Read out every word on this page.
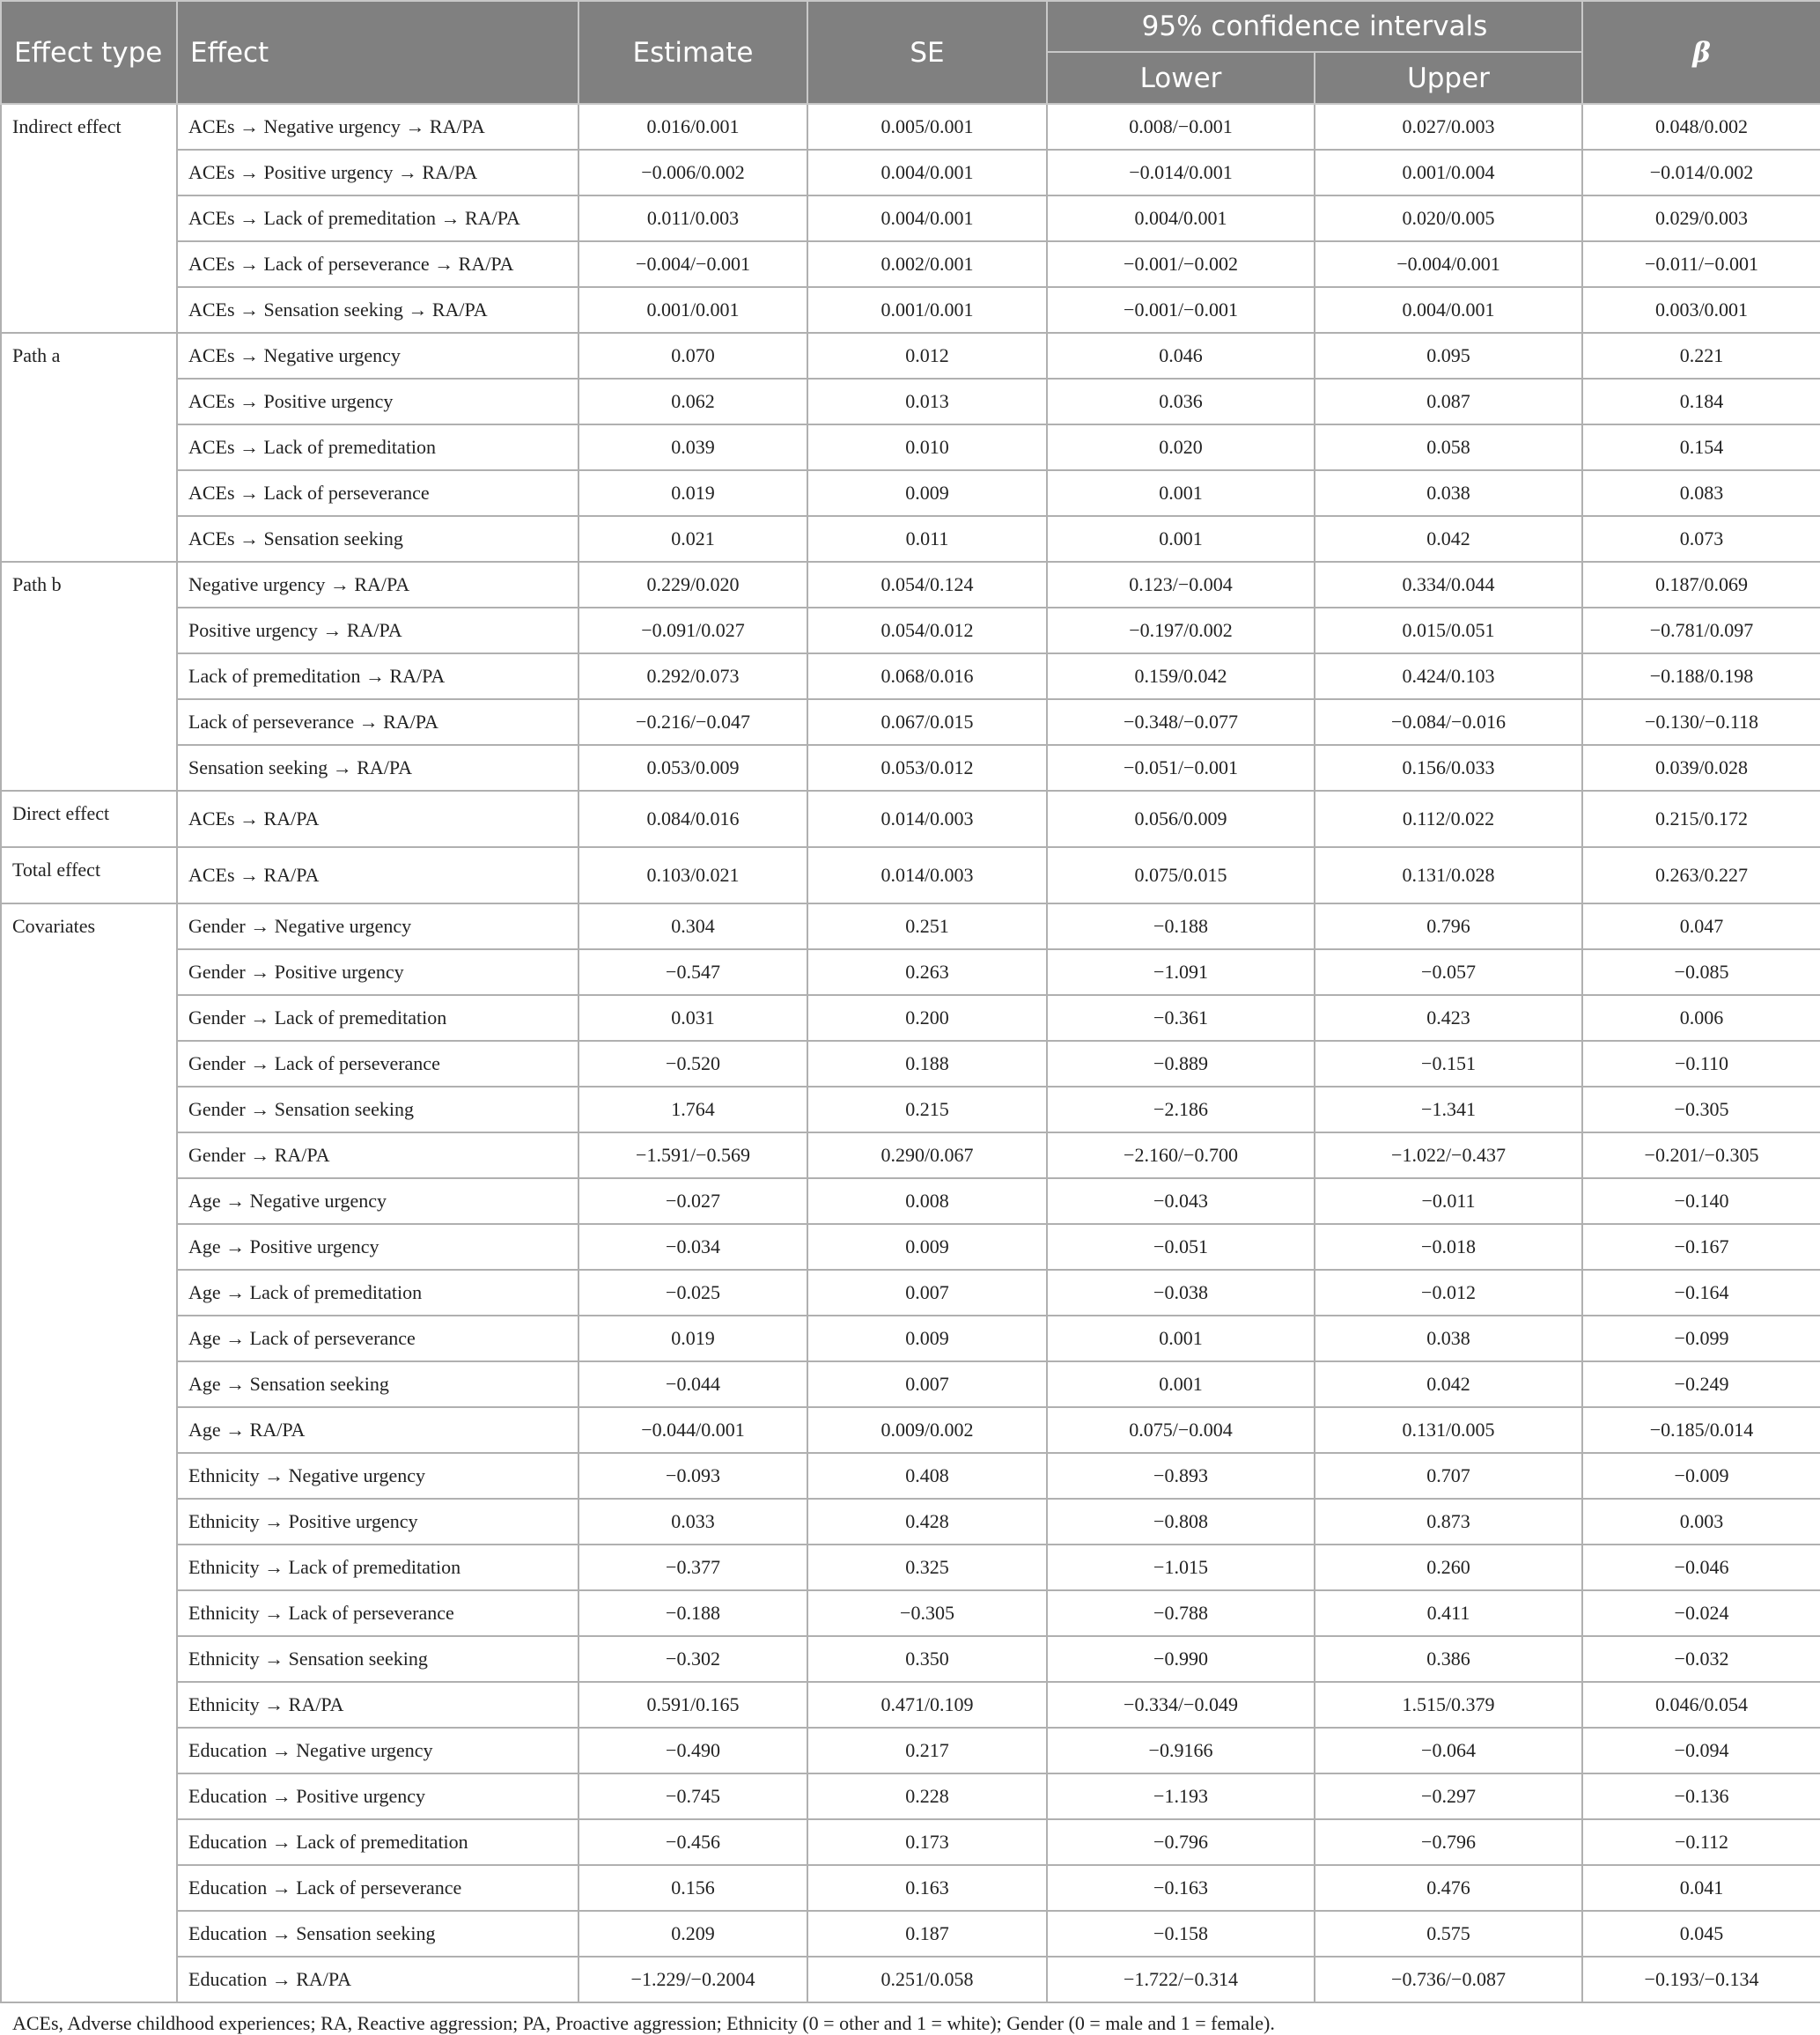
Effect type	Effect	Estimate	SE	95% confidence intervals		β
				Lower	Upper	
Indirect effect	ACEs → Negative urgency → RA/PA	0.016/0.001	0.005/0.001	0.008/−0.001	0.027/0.003	0.048/0.002
	ACEs → Positive urgency → RA/PA	−0.006/0.002	0.004/0.001	−0.014/0.001	0.001/0.004	−0.014/0.002
	ACEs → Lack of premeditation → RA/PA	0.011/0.003	0.004/0.001	0.004/0.001	0.020/0.005	0.029/0.003
	ACEs → Lack of perseverance → RA/PA	−0.004/−0.001	0.002/0.001	−0.001/−0.002	−0.004/0.001	−0.011/−0.001
	ACEs → Sensation seeking → RA/PA	0.001/0.001	0.001/0.001	−0.001/−0.001	0.004/0.001	0.003/0.001
Path a	ACEs → Negative urgency	0.070	0.012	0.046	0.095	0.221
	ACEs → Positive urgency	0.062	0.013	0.036	0.087	0.184
	ACEs → Lack of premeditation	0.039	0.010	0.020	0.058	0.154
	ACEs → Lack of perseverance	0.019	0.009	0.001	0.038	0.083
	ACEs → Sensation seeking	0.021	0.011	0.001	0.042	0.073
Path b	Negative urgency → RA/PA	0.229/0.020	0.054/0.124	0.123/−0.004	0.334/0.044	0.187/0.069
	Positive urgency → RA/PA	−0.091/0.027	0.054/0.012	−0.197/0.002	0.015/0.051	−0.781/0.097
	Lack of premeditation → RA/PA	0.292/0.073	0.068/0.016	0.159/0.042	0.424/0.103	−0.188/0.198
	Lack of perseverance → RA/PA	−0.216/−0.047	0.067/0.015	−0.348/−0.077	−0.084/−0.016	−0.130/−0.118
	Sensation seeking → RA/PA	0.053/0.009	0.053/0.012	−0.051/−0.001	0.156/0.033	0.039/0.028
Direct effect	ACEs → RA/PA	0.084/0.016	0.014/0.003	0.056/0.009	0.112/0.022	0.215/0.172
Total effect	ACEs → RA/PA	0.103/0.021	0.014/0.003	0.075/0.015	0.131/0.028	0.263/0.227
Covariates	Gender → Negative urgency	0.304	0.251	−0.188	0.796	0.047
	Gender → Positive urgency	−0.547	0.263	−1.091	−0.057	−0.085
	Gender → Lack of premeditation	0.031	0.200	−0.361	0.423	0.006
	Gender → Lack of perseverance	−0.520	0.188	−0.889	−0.151	−0.110
	Gender → Sensation seeking	1.764	0.215	−2.186	−1.341	−0.305
	Gender → RA/PA	−1.591/−0.569	0.290/0.067	−2.160/−0.700	−1.022/−0.437	−0.201/−0.305
	Age → Negative urgency	−0.027	0.008	−0.043	−0.011	−0.140
	Age → Positive urgency	−0.034	0.009	−0.051	−0.018	−0.167
	Age → Lack of premeditation	−0.025	0.007	−0.038	−0.012	−0.164
	Age → Lack of perseverance	0.019	0.009	0.001	0.038	−0.099
	Age → Sensation seeking	−0.044	0.007	0.001	0.042	−0.249
	Age → RA/PA	−0.044/0.001	0.009/0.002	0.075/−0.004	0.131/0.005	−0.185/0.014
	Ethnicity → Negative urgency	−0.093	0.408	−0.893	0.707	−0.009
	Ethnicity → Positive urgency	0.033	0.428	−0.808	0.873	0.003
	Ethnicity → Lack of premeditation	−0.377	0.325	−1.015	0.260	−0.046
	Ethnicity → Lack of perseverance	−0.188	−0.305	−0.788	0.411	−0.024
	Ethnicity → Sensation seeking	−0.302	0.350	−0.990	0.386	−0.032
	Ethnicity → RA/PA	0.591/0.165	0.471/0.109	−0.334/−0.049	1.515/0.379	0.046/0.054
	Education → Negative urgency	−0.490	0.217	−0.9166	−0.064	−0.094
	Education → Positive urgency	−0.745	0.228	−1.193	−0.297	−0.136
	Education → Lack of premeditation	−0.456	0.173	−0.796	−0.796	−0.112
	Education → Lack of perseverance	0.156	0.163	−0.163	0.476	0.041
	Education → Sensation seeking	0.209	0.187	−0.158	0.575	0.045
	Education → RA/PA	−1.229/−0.2004	0.251/0.058	−1.722/−0.314	−0.736/−0.087	−0.193/−0.134
ACEs, Adverse childhood experiences; RA, Reactive aggression; PA, Proactive aggression; Ethnicity (0 = other and 1 = white); Gender (0 = male and 1 = female).
